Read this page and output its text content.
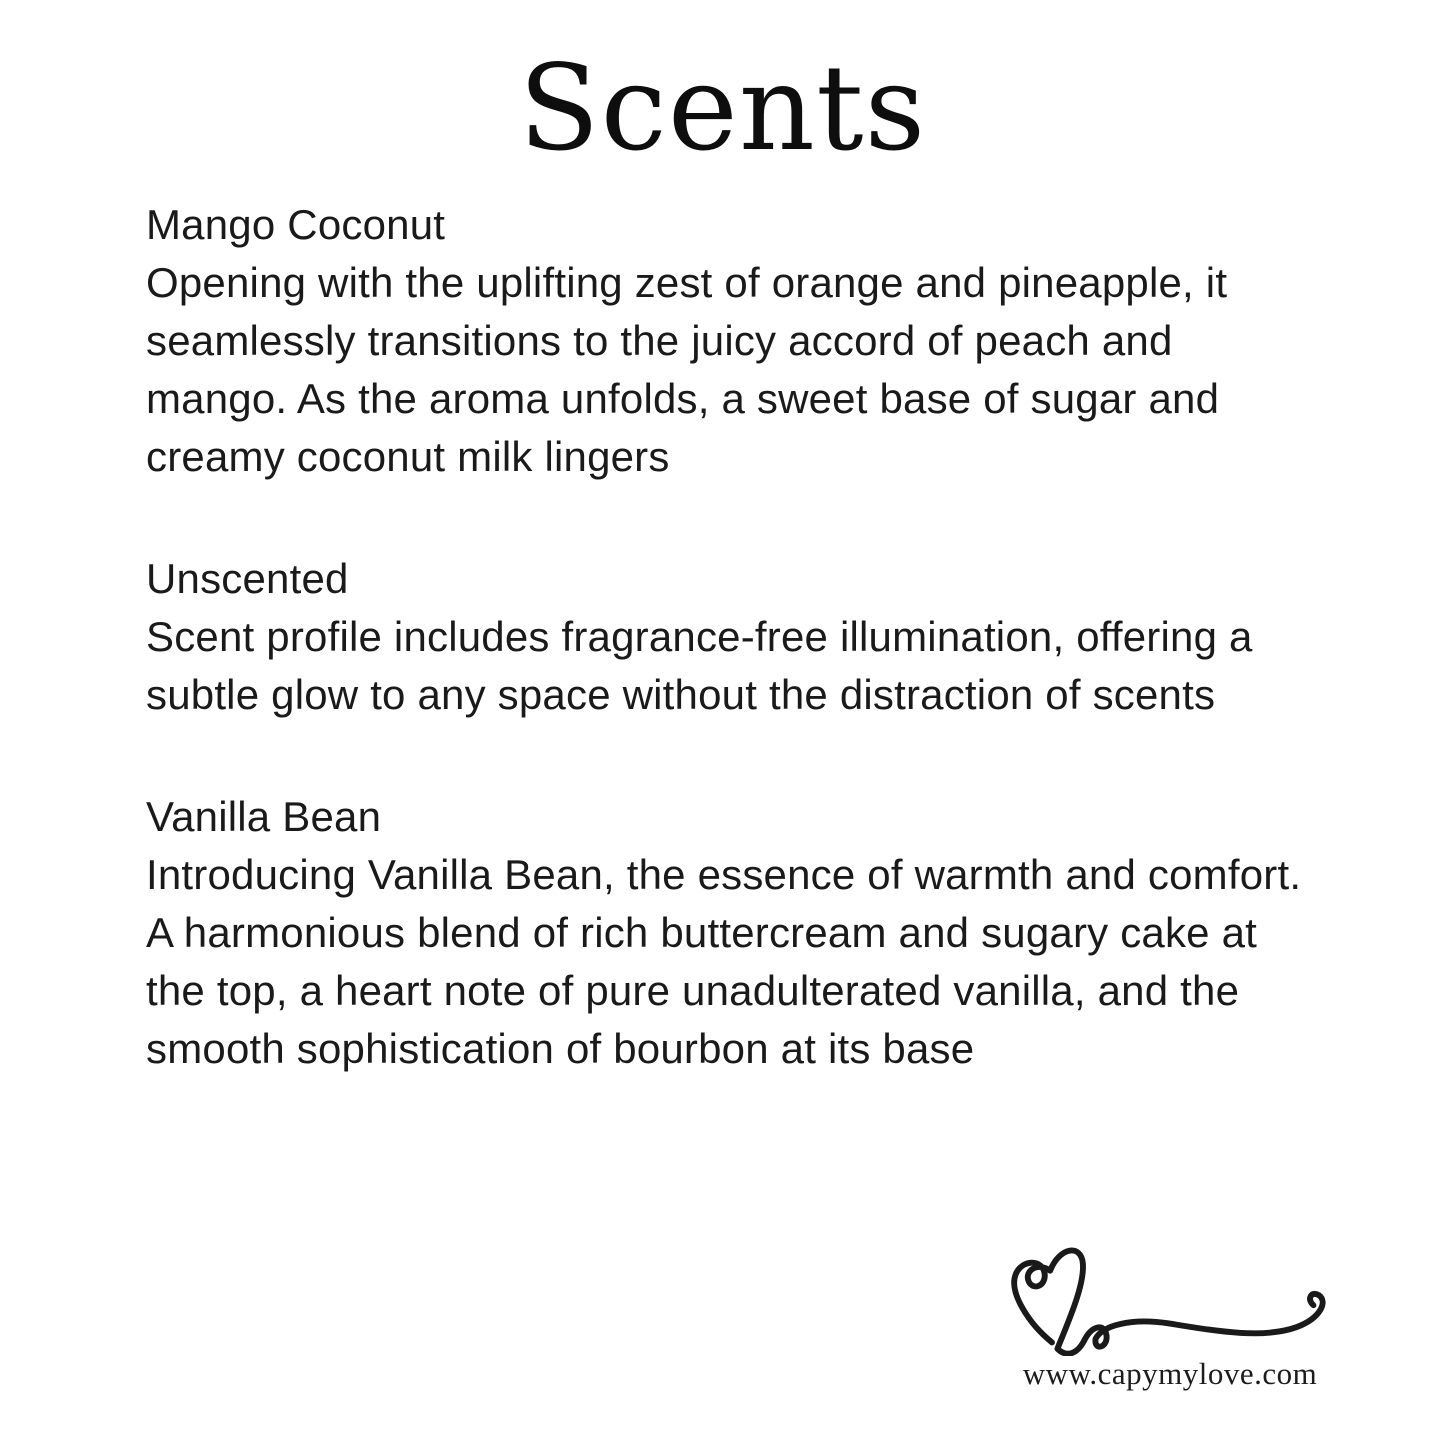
Scents
Mango Coconut
Opening with the uplifting zest of orange and pineapple, it seamlessly transitions to the juicy accord of peach and mango. As the aroma unfolds, a sweet base of sugar and creamy coconut milk lingers
Unscented
Scent profile includes fragrance-free illumination, offering a subtle glow to any space without the distraction of scents
Vanilla Bean
Introducing Vanilla Bean, the essence of warmth and comfort. A harmonious blend of rich buttercream and sugary cake at the top, a heart note of pure unadulterated vanilla, and the smooth sophistication of bourbon at its base
www.capymylove.com
